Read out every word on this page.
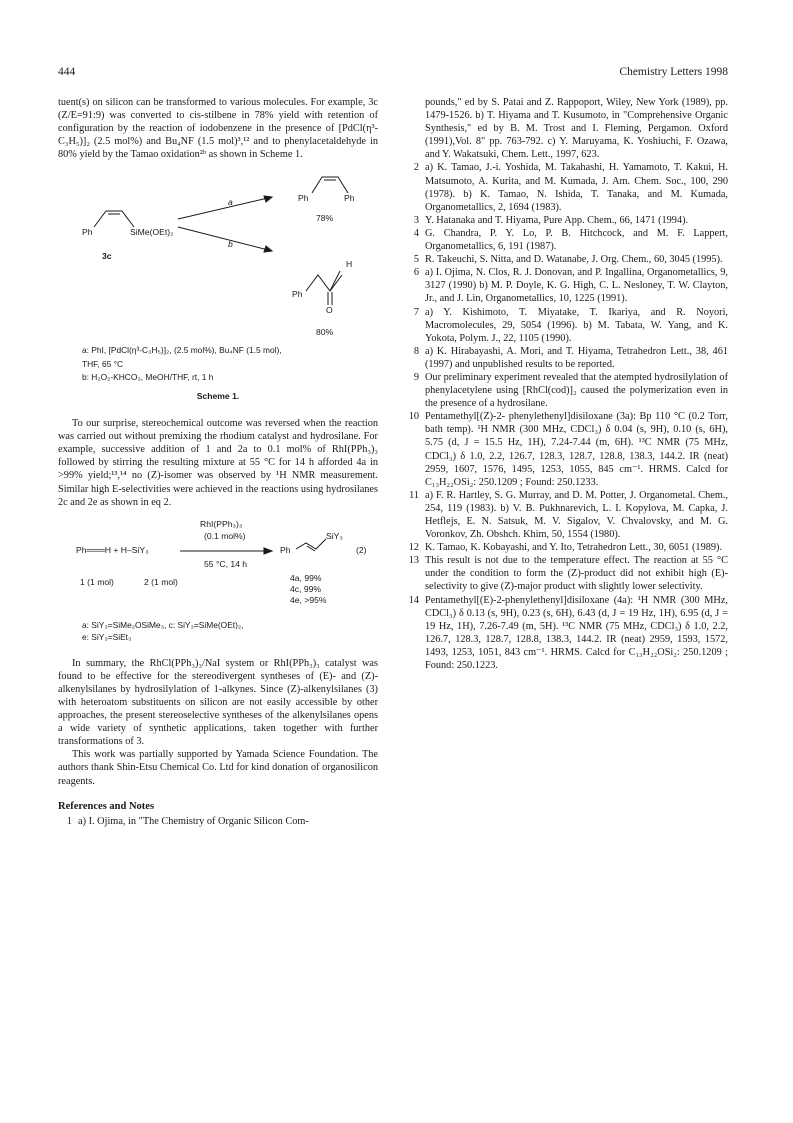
444	Chemistry Letters 1998

tuent(s) on silicon can be transformed to various molecules. For example, 3c (Z/E=91:9) was converted to cis-stilbene in 78% yield with retention of configuration by the reaction of iodobenzene in the presence of [PdCl(η³-C₃H₅)]₂ (2.5 mol%) and Bu₄NF (1.5 mol)³,¹² and to phenylacetaldehyde in 80% yield by the Tamao oxidation²ᵇ as shown in Scheme 1.

Ph	SiMe(OEt)₂
3c
a
b
Ph	Ph
78%
H
Ph
O
80%
a: PhI, [PdCl(η³-C₃H₅)]₂, (2.5 mol%), Bu₄NF (1.5 mol),
THF, 65 °C
b: H₂O₂-KHCO₃, MeOH/THF, rt, 1 h
Scheme 1.

To our surprise, stereochemical outcome was reversed when the reaction was carried out without premixing the rhodium catalyst and hydrosilane. For example, successive addition of 1 and 2a to 0.1 mol% of RhI(PPh₃)₃ followed by stirring the resulting mixture at 55 °C for 14 h afforded 4a in >99% yield;¹³,¹⁴ no (Z)-isomer was observed by ¹H NMR measurement. Similar high E-selectivities were achieved in the reactions using hydrosilanes 2c and 2e as shown in eq 2.

Ph═══H + H–SiY₃
RhI(PPh₃)₃
(0.1 mol%)
55 °C, 14 h
Ph
SiY₃
(2)
1 (1 mol)	2 (1 mol)	4a, 99%
4c, 99%
4e, >95%
a: SiY₃=SiMe₂OSiMe₃, c: SiY₃=SiMe(OEt)₂,
e: SiY₃=SiEt₃

In summary, the RhCl(PPh₃)₃/NaI system or RhI(PPh₃)₃ catalyst was found to be effective for the stereodivergent syntheses of (E)- and (Z)-alkenylsilanes by hydrosilylation of 1-alkynes. Since (Z)-alkenylsilanes (3) with heteroatom substituents on silicon are not easily accessible by other approaches, the present stereoselective syntheses of the alkenylsilanes opens a wide variety of synthetic applications, taken together with further transformations of 3.

This work was partially supported by Yamada Science Foundation. The authors thank Shin-Etsu Chemical Co. Ltd for kind donation of organosilicon reagents.

References and Notes
1 a) I. Ojima, in "The Chemistry of Organic Silicon Com-
pounds," ed by S. Patai and Z. Rappoport, Wiley, New York (1989), pp. 1479-1526. b) T. Hiyama and T. Kusumoto, in "Comprehensive Organic Synthesis," ed by B. M. Trost and I. Fleming, Pergamon. Oxford (1991),Vol. 8" pp. 763-792. c) Y. Maruyama, K. Yoshiuchi, F. Ozawa, and Y. Wakatsuki, Chem. Lett., 1997, 623.
2 a) K. Tamao, J.-i. Yoshida, M. Takahashi, H. Yamamoto, T. Kakui, H. Matsumoto, A. Kurita, and M. Kumada, J. Am. Chem. Soc., 100, 290 (1978). b) K. Tamao, N. Ishida, T. Tanaka, and M. Kumada, Organometallics, 2, 1694 (1983).
3 Y. Hatanaka and T. Hiyama, Pure App. Chem., 66, 1471 (1994).
4 G. Chandra, P. Y. Lo, P. B. Hitchcock, and M. F. Lappert, Organometallics, 6, 191 (1987).
5 R. Takeuchi, S. Nitta, and D. Watanabe, J. Org. Chem., 60, 3045 (1995).
6 a) I. Ojima, N. Clos, R. J. Donovan, and P. Ingallina, Organometallics, 9, 3127 (1990) b) M. P. Doyle, K. G. High, C. L. Nesloney, T. W. Clayton, Jr., and J. Lin, Organometallics, 10, 1225 (1991).
7 a) Y. Kishimoto, T. Miyatake, T. Ikariya, and R. Noyori, Macromolecules, 29, 5054 (1996). b) M. Tabata, W. Yang, and K. Yokota, Polym. J., 22, 1105 (1990).
8 a) K. Hirabayashi, A. Mori, and T. Hiyama, Tetrahedron Lett., 38, 461 (1997) and unpublished results to be reported.
9 Our preliminary experiment revealed that the atempted hydrosilylation of phenylacetylene using [RhCl(cod)]₂ caused the polymerization even in the presence of a hydrosilane.
10 Pentamethyl[(Z)-2- phenylethenyl]disiloxane (3a): Bp 110 °C (0.2 Torr, bath temp). ¹H NMR (300 MHz, CDCl₃) δ 0.04 (s, 9H), 0.10 (s, 6H), 5.75 (d, J = 15.5 Hz, 1H), 7.24-7.44 (m, 6H). ¹³C NMR (75 MHz, CDCl₃) δ 1.0, 2.2, 126.7, 128.3, 128.7, 128.8, 138.3, 144.2. IR (neat) 2959, 1607, 1576, 1495, 1253, 1055, 845 cm⁻¹. HRMS. Calcd for C₁₃H₂₂OSi₂: 250.1209 ; Found: 250.1233.
11 a) F. R. Hartley, S. G. Murray, and D. M. Potter, J. Organometal. Chem., 254, 119 (1983). b) V. B. Pukhnarevich, L. I. Kopylova, M. Capka, J. Hetflejs, E. N. Satsuk, M. V. Sigalov, V. Chvalovsky, and M. G. Voronkov, Zh. Obshch. Khim, 50, 1554 (1980).
12 K. Tamao, K. Kobayashi, and Y. Ito, Tetrahedron Lett., 30, 6051 (1989).
13 This result is not due to the temperature effect. The reaction at 55 °C under the condition to form the (Z)-product did not exhibit high (E)-selectivity to give (Z)-major product with slightly lower selectivity.
14 Pentamethyl[(E)-2-phenylethenyl]disiloxane (4a): ¹H NMR (300 MHz, CDCl₃) δ 0.13 (s, 9H), 0.23 (s, 6H), 6.43 (d, J = 19 Hz, 1H), 6.95 (d, J = 19 Hz, 1H), 7.26-7.49 (m, 5H). ¹³C NMR (75 MHz, CDCl₃) δ 1.0, 2.2, 126.7, 128.3, 128.7, 128.8, 138.3, 144.2. IR (neat) 2959, 1593, 1572, 1493, 1253, 1051, 843 cm⁻¹. HRMS. Calcd for C₁₃H₂₂OSi₂: 250.1209 ; Found: 250.1223.
